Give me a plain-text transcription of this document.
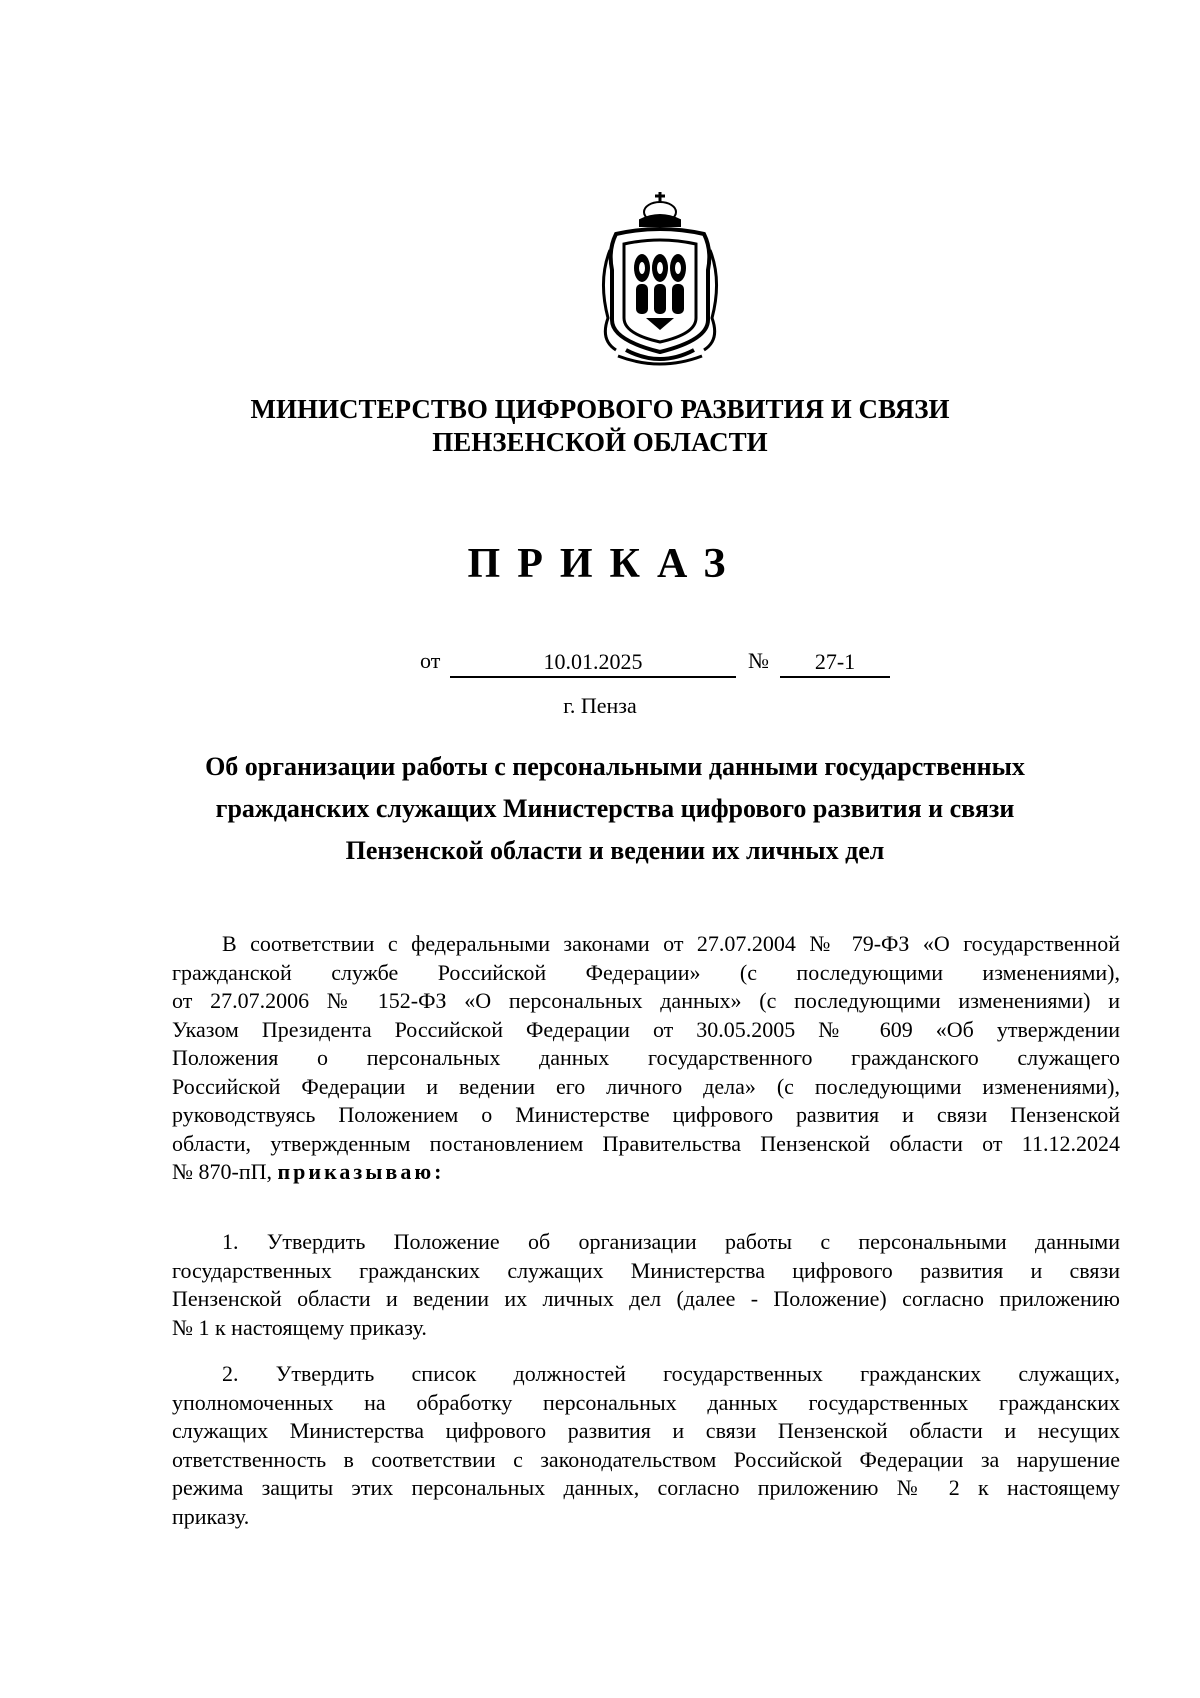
МИНИСТЕРСТВО ЦИФРОВОГО РАЗВИТИЯ И СВЯЗИ
ПЕНЗЕНСКОЙ ОБЛАСТИ
ПРИКАЗ
от	10.01.2025	№	27-1
г. Пенза
Об организации работы с персональными данными государственных
гражданских служащих Министерства цифрового развития и связи
Пензенской области и ведении их личных дел
В соответствии с федеральными законами от 27.07.2004 № 79-ФЗ «О государственной
гражданской службе Российской Федерации» (с последующими изменениями),
от 27.07.2006 № 152-ФЗ «О персональных данных» (с последующими изменениями) и
Указом Президента Российской Федерации от 30.05.2005 № 609 «Об утверждении
Положения о персональных данных государственного гражданского служащего
Российской Федерации и ведении его личного дела» (с последующими изменениями),
руководствуясь Положением о Министерстве цифрового развития и связи Пензенской
области, утвержденным постановлением Правительства Пензенской области от 11.12.2024
№ 870-пП, приказываю:
1. Утвердить Положение об организации работы с персональными данными
государственных гражданских служащих Министерства цифрового развития и связи
Пензенской области и ведении их личных дел (далее - Положение) согласно приложению
№ 1 к настоящему приказу.
2. Утвердить список должностей государственных гражданских служащих,
уполномоченных на обработку персональных данных государственных гражданских
служащих Министерства цифрового развития и связи Пензенской области и несущих
ответственность в соответствии с законодательством Российской Федерации за нарушение
режима защиты этих персональных данных, согласно приложению № 2 к настоящему
приказу.
